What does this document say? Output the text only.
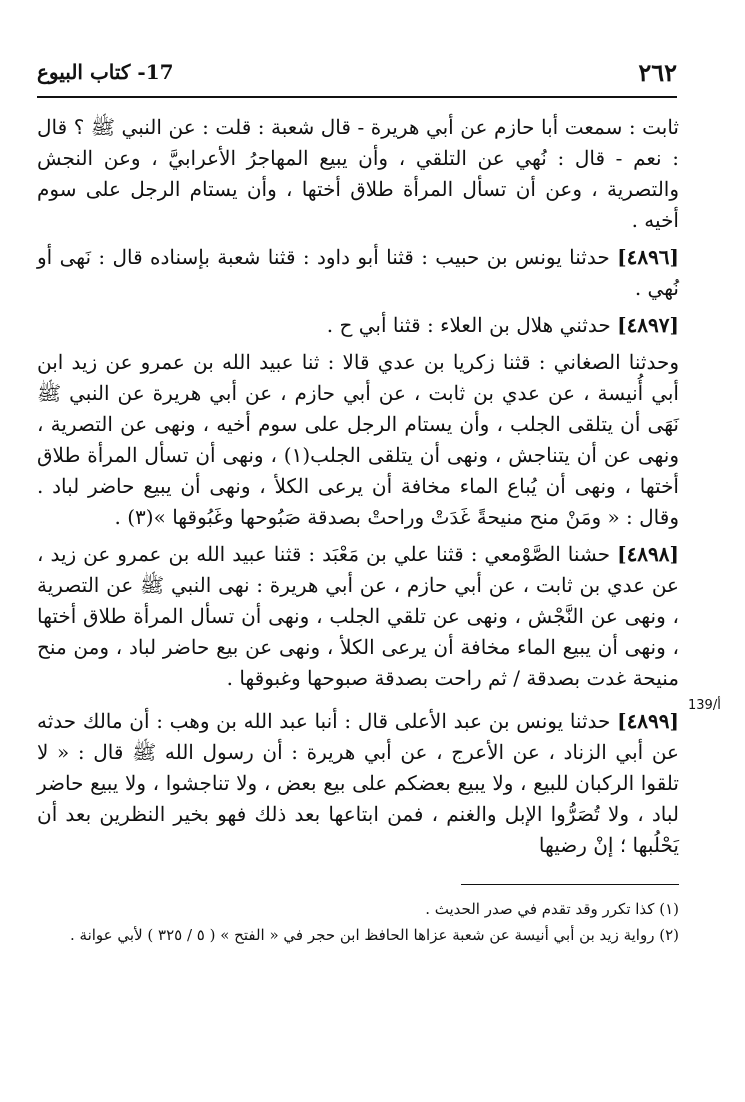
٢٦٢
17- كتاب البيوع

ثابت : سمعت أبا حازم عن أبي هريرة - قال شعبة : قلت : عن النبي ﷺ ؟ قال : نعم - قال : نُهي عن التلقي ، وأن يبيع المهاجرُ الأعرابيَّ ، وعن النجش والتصرية ، وعن أن تسأل المرأة طلاق أختها ، وأن يستام الرجل على سوم أخيه .

[٤٨٩٦] حدثنا يونس بن حبيب : قثنا أبو داود : قثنا شعبة بإسناده قال : نَهى أو نُهي .

[٤٨٩٧] حدثني هلال بن العلاء : قثنا أبي ح .

وحدثنا الصغاني : قثنا زكريا بن عدي قالا : ثنا عبيد الله بن عمرو عن زيد ابن أبي أُنيسة ، عن عدي بن ثابت ، عن أبي حازم ، عن أبي هريرة عن النبي ﷺ نَهَى أن يتلقى الجلب ، وأن يستام الرجل على سوم أخيه ، ونهى عن التصرية ، ونهى عن أن يتناجش ، ونهى أن يتلقى الجلب(١) ، ونهى أن تسأل المرأة طلاق أختها ، ونهى أن يُباع الماء مخافة أن يرعى الكلأ ، ونهى أن يبيع حاضر لباد . وقال : « ومَنْ منح منيحةً غَدَتْ وراحتْ بصدقة صَبُوحها وغَبُوقها »(٣) .

[٤٨٩٨] حشنا الصَّوْمعي : قثنا علي بن مَعْبَد : قثنا عبيد الله بن عمرو عن زيد ، عن عدي بن ثابت ، عن أبي حازم ، عن أبي هريرة : نهى النبي ﷺ عن التصرية ، ونهى عن النَّجْش ، ونهى عن تلقي الجلب ، ونهى أن تسأل المرأة طلاق أختها ، ونهى أن يبيع الماء مخافة أن يرعى الكلأ ، ونهى عن بيع حاضر لباد ، ومن منح منيحة غدت بصدقة / ثم راحت بصدقة صبوحها وغبوقها .

[٤٨٩٩] حدثنا يونس بن عبد الأعلى قال : أنبا عبد الله بن وهب : أن مالك حدثه عن أبي الزناد ، عن الأعرج ، عن أبي هريرة : أن رسول الله ﷺ قال : « لا تلقوا الركبان للبيع ، ولا يبيع بعضكم على بيع بعض ، ولا تناجشوا ، ولا يبيع حاضر لباد ، ولا تُصَرُّوا الإبل والغنم ، فمن ابتاعها بعد ذلك فهو بخير النظرين بعد أن يَحْلُبها ؛ إنْ رضيها

139/أ

(١) كذا تكرر وقد تقدم في صدر الحديث .

(٢) رواية زيد بن أبي أنيسة عن شعبة عزاها الحافظ ابن حجر في « الفتح » ( ٥ / ٣٢٥ ) لأبي عوانة .
